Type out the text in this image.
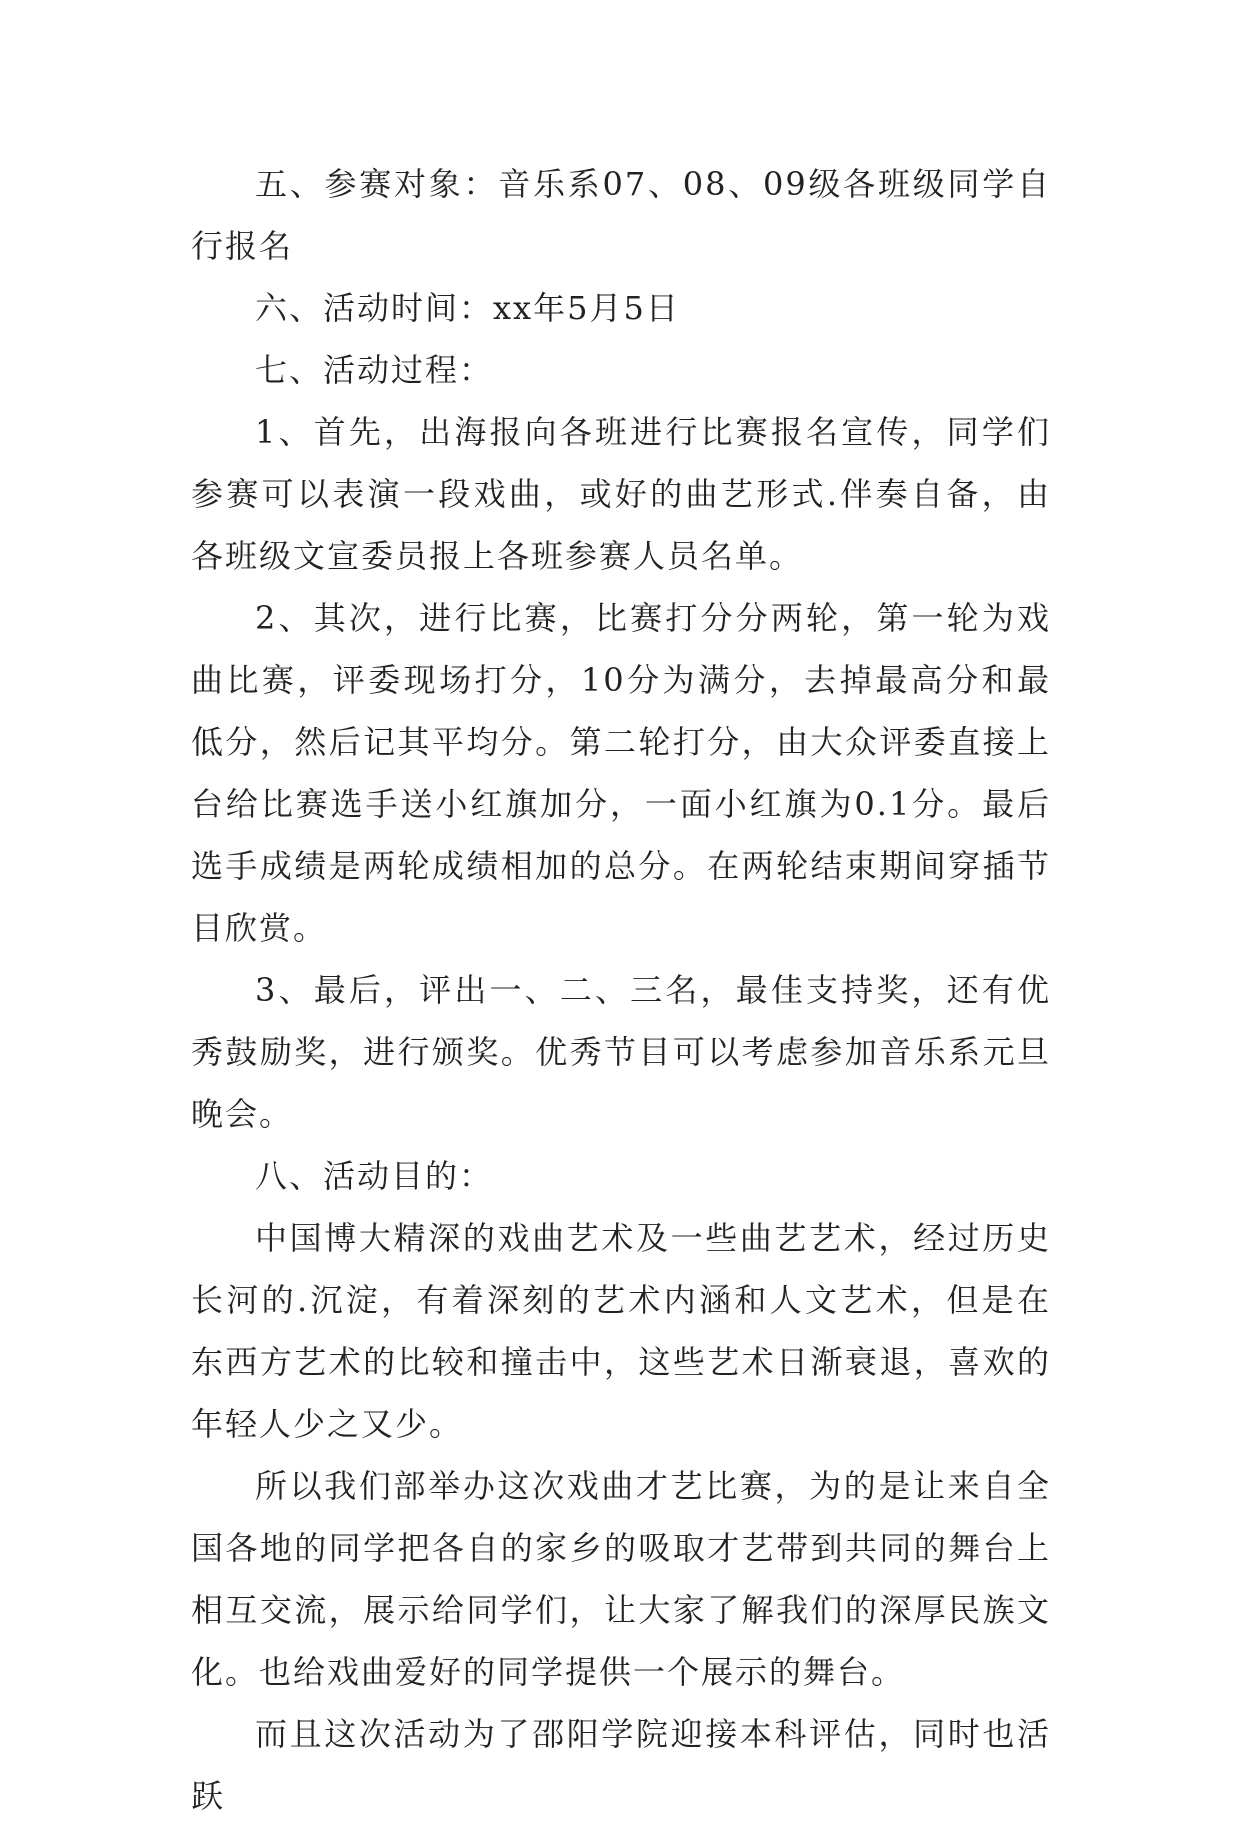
五、参赛对象：音乐系07、08、09级各班级同学自行报名

六、活动时间：xx年5月5日

七、活动过程：

1、首先，出海报向各班进行比赛报名宣传，同学们参赛可以表演一段戏曲，或好的曲艺形式.伴奏自备，由各班级文宣委员报上各班参赛人员名单。

2、其次，进行比赛，比赛打分分两轮，第一轮为戏曲比赛，评委现场打分，10分为满分，去掉最高分和最低分，然后记其平均分。第二轮打分，由大众评委直接上台给比赛选手送小红旗加分，一面小红旗为0.1分。最后选手成绩是两轮成绩相加的总分。在两轮结束期间穿插节目欣赏。

3、最后，评出一、二、三名，最佳支持奖，还有优秀鼓励奖，进行颁奖。优秀节目可以考虑参加音乐系元旦晚会。

八、活动目的：

中国博大精深的戏曲艺术及一些曲艺艺术，经过历史长河的.沉淀，有着深刻的艺术内涵和人文艺术，但是在东西方艺术的比较和撞击中，这些艺术日渐衰退，喜欢的年轻人少之又少。

所以我们部举办这次戏曲才艺比赛，为的是让来自全国各地的同学把各自的家乡的吸取才艺带到共同的舞台上相互交流，展示给同学们，让大家了解我们的深厚民族文化。也给戏曲爱好的同学提供一个展示的舞台。

而且这次活动为了邵阳学院迎接本科评估，同时也活跃
